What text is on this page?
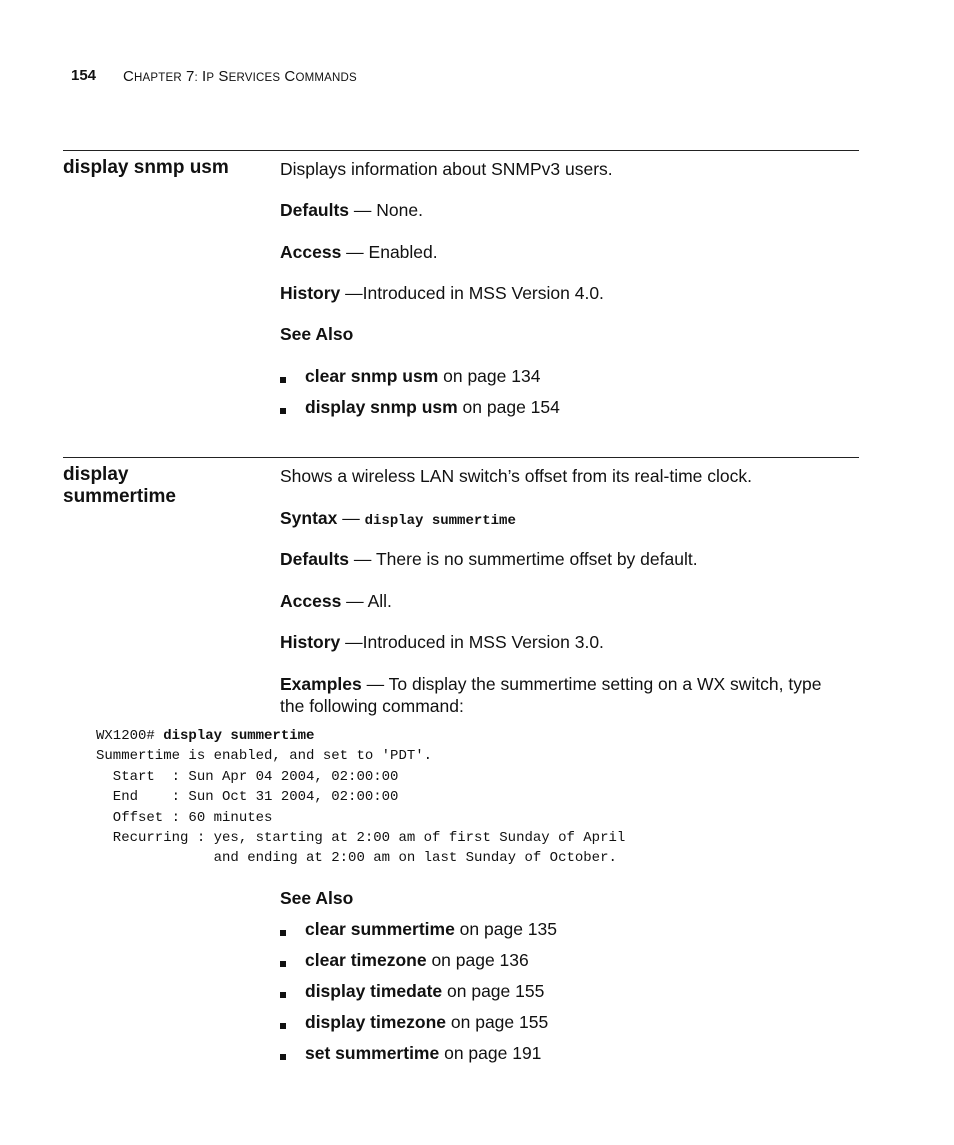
154 CHAPTER 7: IP SERVICES COMMANDS
display snmp usm	Displays information about SNMPv3 users.
Defaults — None.
Access — Enabled.
History —Introduced in MSS Version 4.0.
See Also
clear snmp usm on page 134
display snmp usm on page 154
display
summertime
Shows a wireless LAN switch’s offset from its real-time clock.
Syntax — display summertime
Defaults — There is no summertime offset by default.
Access — All.
History —Introduced in MSS Version 3.0.
Examples — To display the summertime setting on a WX switch, type
the following command:
WX1200# display summertime
Summertime is enabled, and set to 'PDT'.
Start  : Sun Apr 04 2004, 02:00:00
End    : Sun Oct 31 2004, 02:00:00
Offset : 60 minutes
Recurring : yes, starting at 2:00 am of first Sunday of April
and ending at 2:00 am on last Sunday of October.
See Also
clear summertime on page 135
clear timezone on page 136
display timedate on page 155
display timezone on page 155
set summertime on page 191
